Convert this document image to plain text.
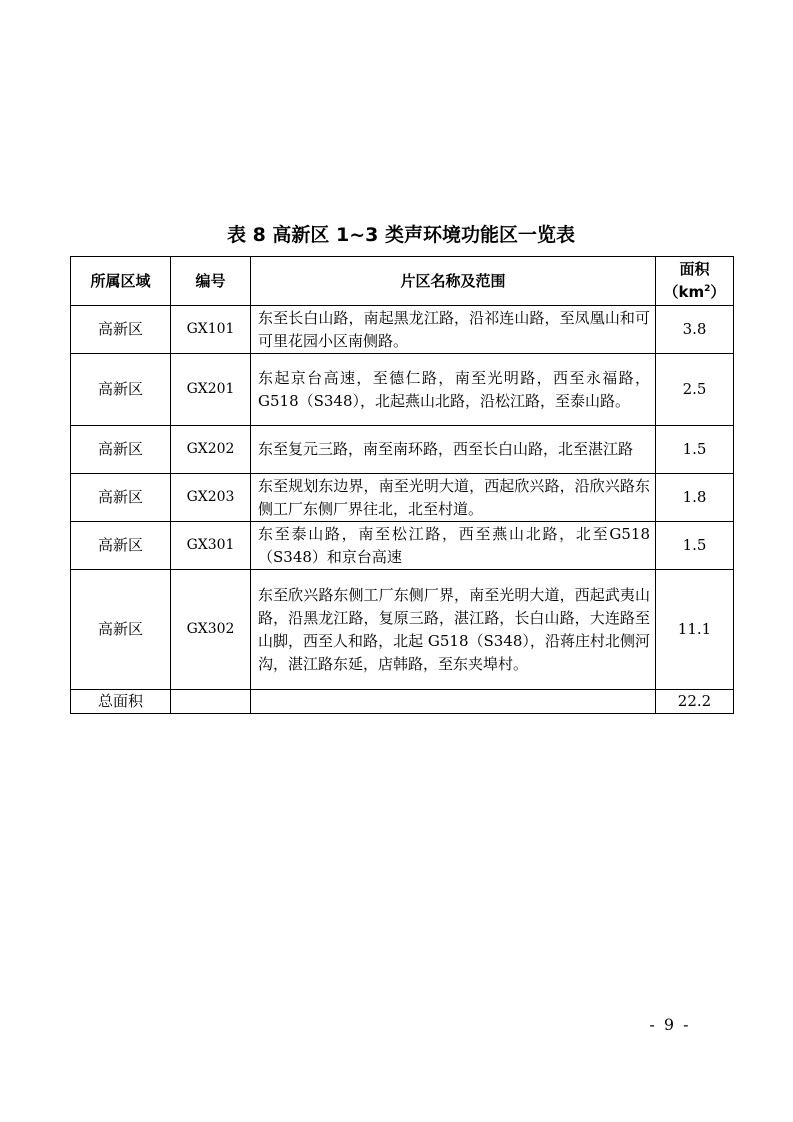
表 8 高新区 1~3 类声环境功能区一览表
所属区域	编号	片区名称及范围	面积
$(km^2)$

高新区	GX101	东至长白山路，南起黑龙江路，沿祁连山路，至凤凰山和可可里花园小区南侧路。	3.8
高新区	GX201	东起京台高速，至德仁路，南至光明路，西至永福路，G518（S348），北起燕山北路，沿松江路，至泰山路。	2.5
高新区	GX202	东至复元三路，南至南环路，西至长白山路，北至湛江路	1.5
高新区	GX203	东至规划东边界，南至光明大道，西起欣兴路，沿欣兴路东侧工厂东侧厂界往北，北至村道。	1.8
高新区	GX301	东至泰山路，南至松江路，西至燕山北路，北至G518（S348）和京台高速	1.5
高新区	GX302	东至欣兴路东侧工厂东侧厂界，南至光明大道，西起武夷山路，沿黑龙江路，复原三路，湛江路，长白山路，大连路至山脚，西至人和路，北起 G518（S348），沿蒋庄村北侧河沟，湛江路东延，店韩路，至东夹埠村。	11.1
总面积			22.2
- 9 -
